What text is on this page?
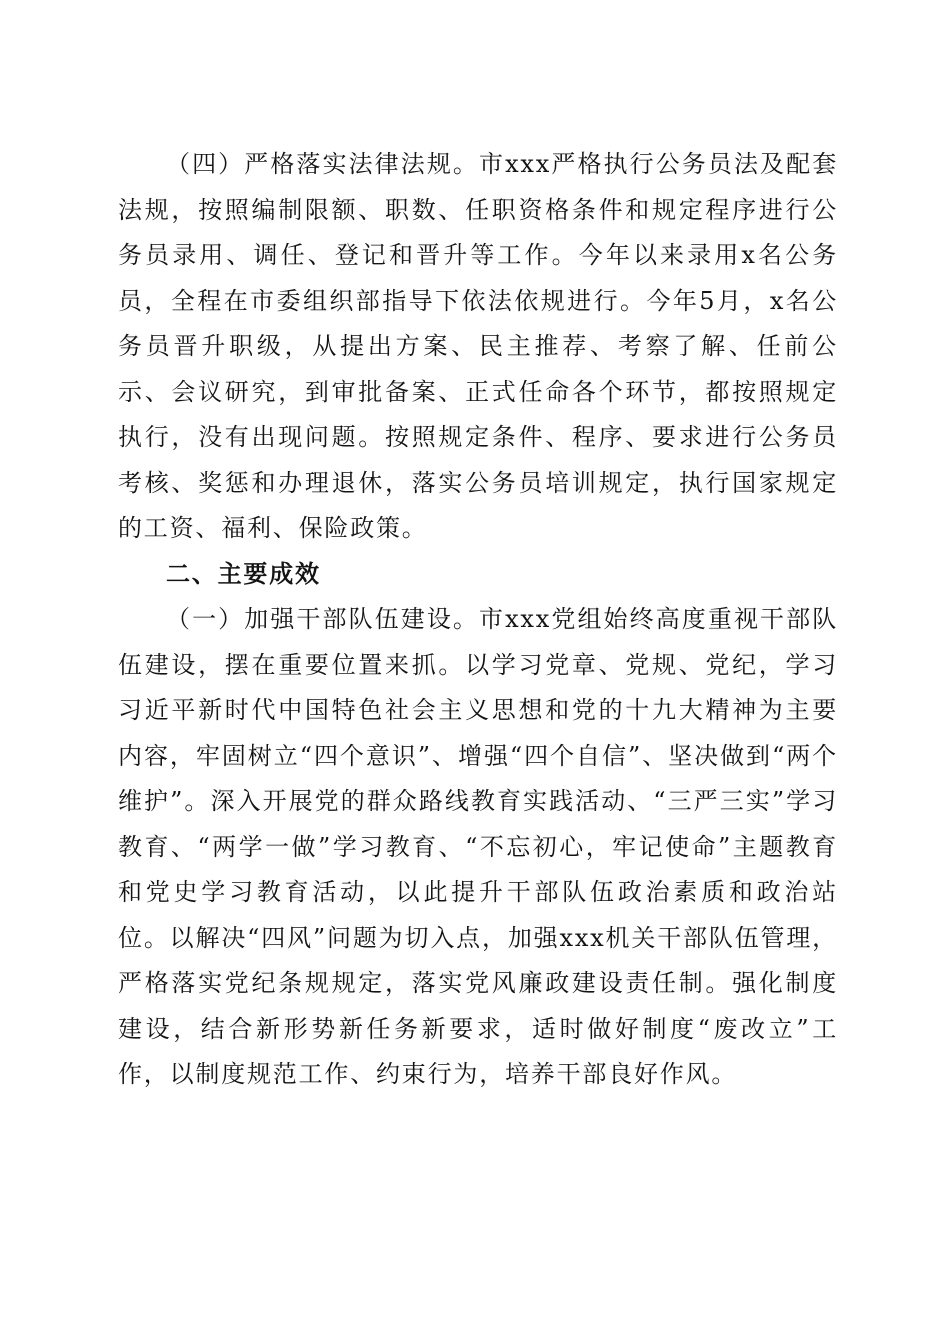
（四）严格落实法律法规。市xxx严格执行公务员法及配套法规，按照编制限额、职数、任职资格条件和规定程序进行公务员录用、调任、登记和晋升等工作。今年以来录用x名公务员，全程在市委组织部指导下依法依规进行。今年5月，x名公务员晋升职级，从提出方案、民主推荐、考察了解、任前公示、会议研究，到审批备案、正式任命各个环节，都按照规定执行，没有出现问题。按照规定条件、程序、要求进行公务员考核、奖惩和办理退休，落实公务员培训规定，执行国家规定的工资、福利、保险政策。

二、主要成效

（一）加强干部队伍建设。市xxx党组始终高度重视干部队伍建设，摆在重要位置来抓。以学习党章、党规、党纪，学习习近平新时代中国特色社会主义思想和党的十九大精神为主要内容，牢固树立“四个意识”、增强“四个自信”、坚决做到“两个维护”。深入开展党的群众路线教育实践活动、“三严三实”学习教育、“两学一做”学习教育、“不忘初心，牢记使命”主题教育和党史学习教育活动，以此提升干部队伍政治素质和政治站位。以解决“四风”问题为切入点，加强xxx机关干部队伍管理，严格落实党纪条规规定，落实党风廉政建设责任制。强化制度建设，结合新形势新任务新要求，适时做好制度“废改立”工作，以制度规范工作、约束行为，培养干部良好作风。
